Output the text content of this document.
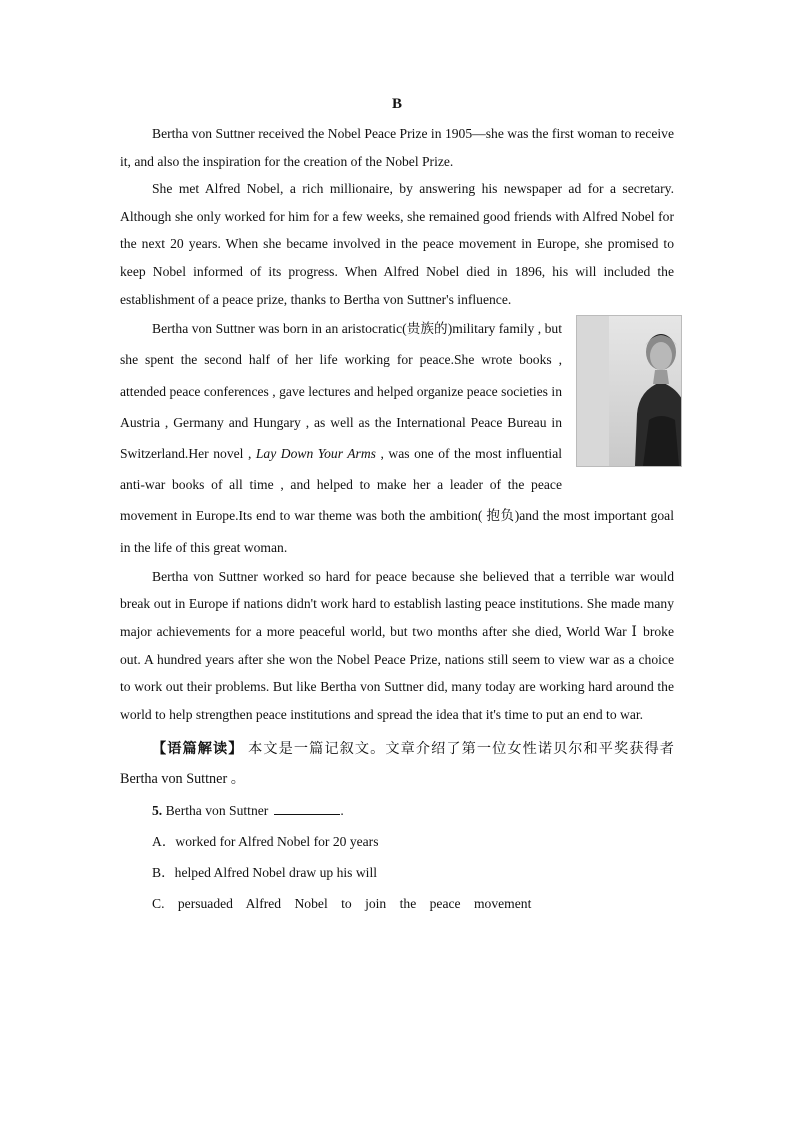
B

Bertha von Suttner received the Nobel Peace Prize in 1905—she was the first woman to receive it, and also the inspiration for the creation of the Nobel Prize.

She met Alfred Nobel, a rich millionaire, by answering his newspaper ad for a secretary. Although she only worked for him for a few weeks, she remained good friends with Alfred Nobel for the next 20 years. When she became involved in the peace movement in Europe, she promised to keep Nobel informed of its progress. When Alfred Nobel died in 1896, his will included the establishment of a peace prize, thanks to Bertha von Suttner's influence.

Bertha von Suttner was born in an aristocratic(贵族的)military family , but she spent the second half of her life working for peace.She wrote books , attended peace conferences , gave lectures and helped organize peace societies in Austria , Germany and Hungary , as well as the International Peace Bureau in Switzerland.Her novel , Lay Down Your Arms , was one of the most influential anti-war books of all time , and helped to make her a leader of the peace movement in Europe.Its end to war theme was both the ambition( 抱负)and the most important goal in the life of this great woman.

Bertha von Suttner worked so hard for peace because she believed that a terrible war would break out in Europe if nations didn't work hard to establish lasting peace institutions. She made many major achievements for a more peaceful world, but two months after she died, World War Ⅰ broke out. A hundred years after she won the Nobel Peace Prize, nations still seem to view war as a choice to work out their problems. But like Bertha von Suttner did, many today are working hard around the world to help strengthen peace institutions and spread the idea that it's time to put an end to war.

【语篇解读】 本文是一篇记叙文。文章介绍了第一位女性诺贝尔和平奖获得者 Bertha von Suttner 。

5. Bertha von Suttner	.

A．worked for Alfred Nobel for 20 years

B．helped Alfred Nobel draw up his will

C. persuaded Alfred Nobel to join the peace movement
